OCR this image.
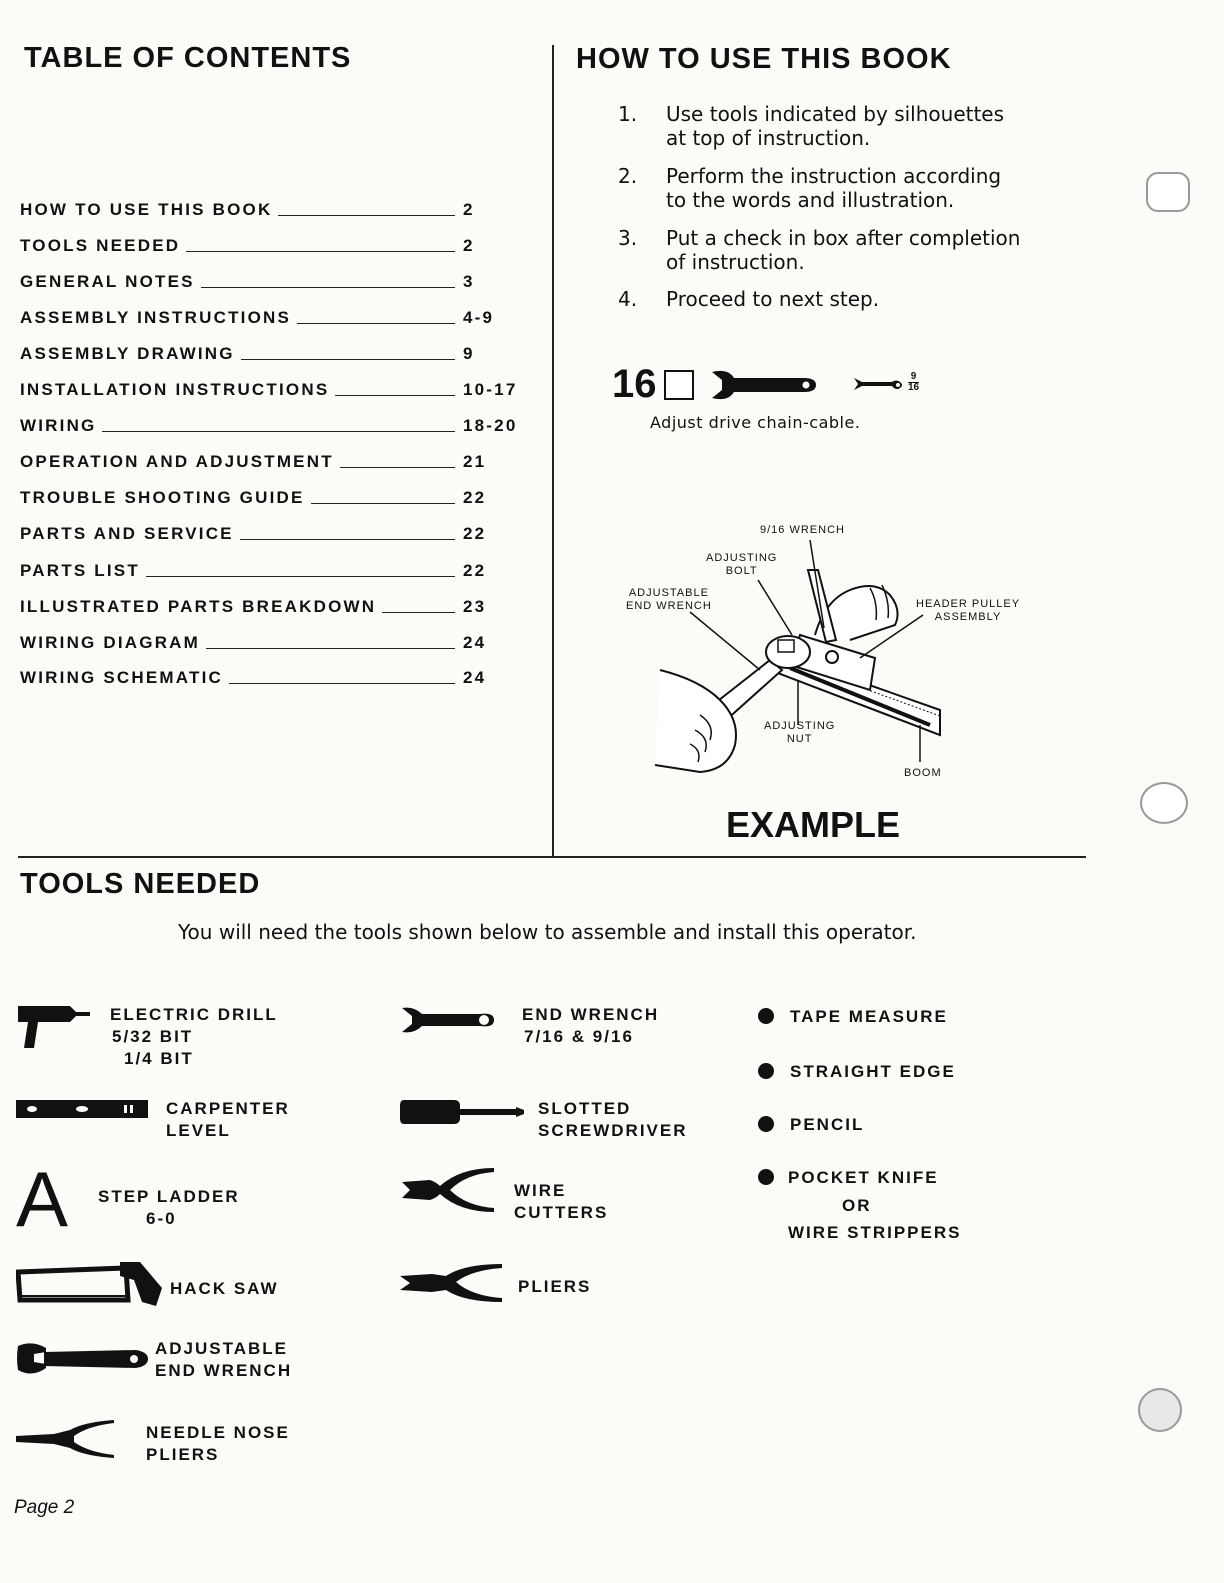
TABLE OF CONTENTS
HOW TO USE THIS BOOK	2
TOOLS NEEDED	2
GENERAL NOTES	3
ASSEMBLY INSTRUCTIONS	4-9
ASSEMBLY DRAWING	9
INSTALLATION INSTRUCTIONS	10-17
WIRING	18-20
OPERATION AND ADJUSTMENT	21
TROUBLE SHOOTING GUIDE	22
PARTS AND SERVICE	22
PARTS LIST	22
ILLUSTRATED PARTS BREAKDOWN	23
WIRING DIAGRAM	24
WIRING SCHEMATIC	24
HOW TO USE THIS BOOK
1.	Use tools indicated by silhouettes
at top of instruction.
2.	Perform the instruction according
to the words and illustration.
3.	Put a check in box after completion
of instruction.
4.	Proceed to next step.
16	$\frac{9}{16}$
Adjust drive chain-cable.
9/16 WRENCH
ADJUSTING
BOLT
ADJUSTABLE
END WRENCH	HEADER PULLEY
ASSEMBLY
ADJUSTING
NUT
BOOM
EXAMPLE
TOOLS NEEDED
You will need the tools shown below to assemble and install this operator.
ELECTRIC DRILL
5/32 BIT
1/4 BIT
CARPENTER
LEVEL
A STEP LADDER
6-0
HACK SAW
ADJUSTABLE
END WRENCH
NEEDLE NOSE
PLIERS
END WRENCH
7/16 & 9/16
SLOTTED
SCREWDRIVER
WIRE
CUTTERS
PLIERS
TAPE MEASURE
STRAIGHT EDGE
PENCIL
POCKET KNIFE
OR
WIRE STRIPPERS
Page 2
